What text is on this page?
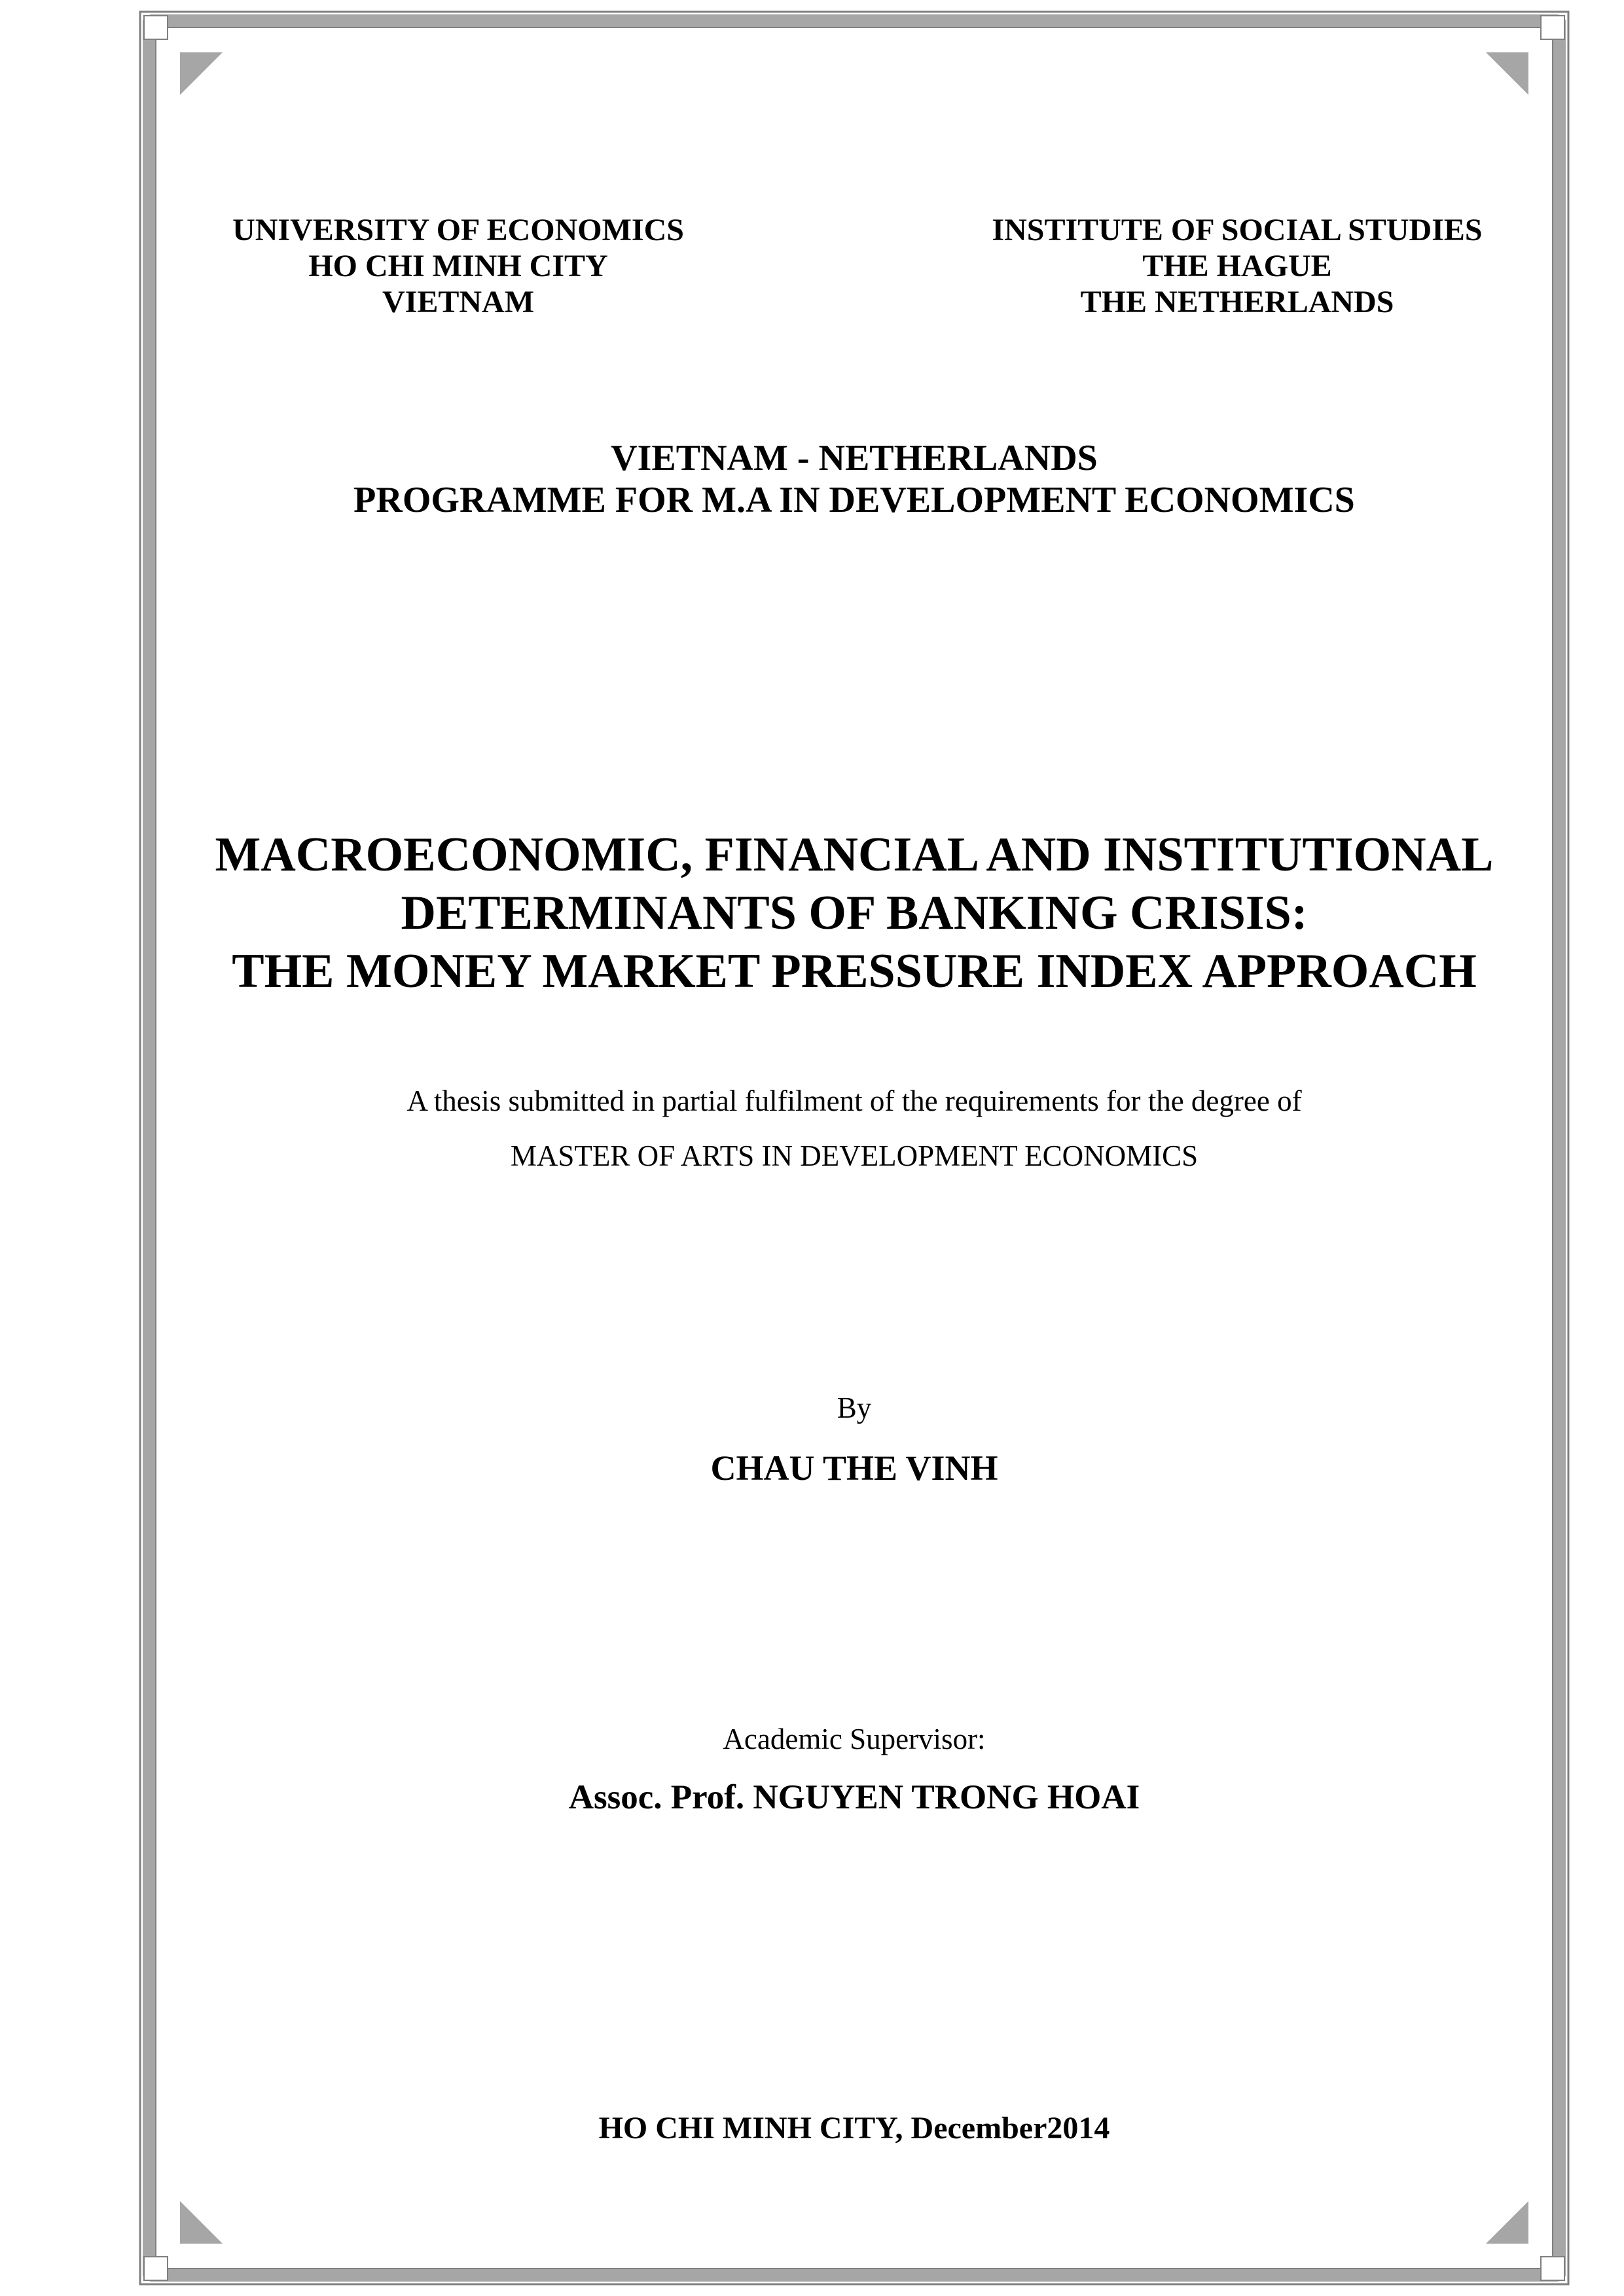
UNIVERSITY OF ECONOMICS
HO CHI MINH CITY
VIETNAM
INSTITUTE OF SOCIAL STUDIES
THE HAGUE
THE NETHERLANDS
VIETNAM - NETHERLANDS
PROGRAMME FOR M.A IN DEVELOPMENT ECONOMICS
MACROECONOMIC, FINANCIAL AND INSTITUTIONAL
DETERMINANTS OF BANKING CRISIS:
THE MONEY MARKET PRESSURE INDEX APPROACH
A thesis submitted in partial fulfilment of the requirements for the degree of
MASTER OF ARTS IN DEVELOPMENT ECONOMICS
By
CHAU THE VINH
Academic Supervisor:
Assoc. Prof. NGUYEN TRONG HOAI
HO CHI MINH CITY, December2014
